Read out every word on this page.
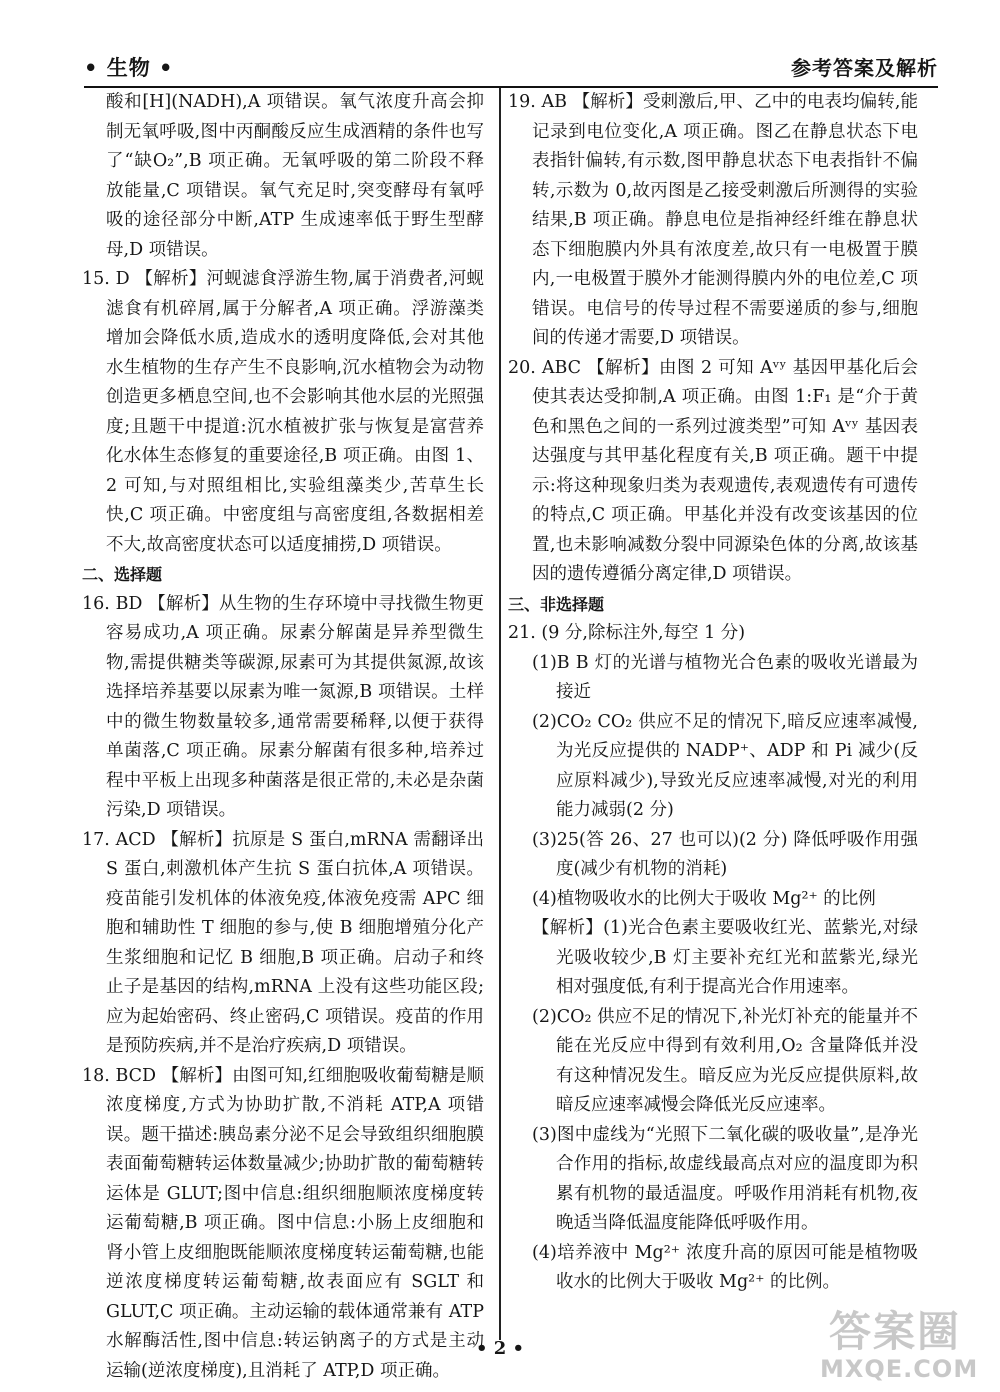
• 生物 •	参考答案及解析

酸和[H](NADH),A 项错误。氧气浓度升高会抑制无氧呼吸,图中丙酮酸反应生成酒精的条件也写了“缺O₂”,B 项正确。无氧呼吸的第二阶段不释放能量,C 项错误。氧气充足时,突变酵母有氧呼吸的途径部分中断,ATP 生成速率低于野生型酵母,D 项错误。

15. D 【解析】河蚬滤食浮游生物,属于消费者,河蚬滤食有机碎屑,属于分解者,A 项正确。浮游藻类增加会降低水质,造成水的透明度降低,会对其他水生植物的生存产生不良影响,沉水植物会为动物创造更多栖息空间,也不会影响其他水层的光照强度;且题干中提道:沉水植被扩张与恢复是富营养化水体生态修复的重要途径,B 项正确。由图 1、2 可知,与对照组相比,实验组藻类少,苦草生长快,C 项正确。中密度组与高密度组,各数据相差不大,故高密度状态可以适度捕捞,D 项错误。

二、选择题

16. BD 【解析】从生物的生存环境中寻找微生物更容易成功,A 项正确。尿素分解菌是异养型微生物,需提供糖类等碳源,尿素可为其提供氮源,故该选择培养基要以尿素为唯一氮源,B 项错误。土样中的微生物数量较多,通常需要稀释,以便于获得单菌落,C 项正确。尿素分解菌有很多种,培养过程中平板上出现多种菌落是很正常的,未必是杂菌污染,D 项错误。

17. ACD 【解析】抗原是 S 蛋白,mRNA 需翻译出 S 蛋白,刺激机体产生抗 S 蛋白抗体,A 项错误。疫苗能引发机体的体液免疫,体液免疫需 APC 细胞和辅助性 T 细胞的参与,使 B 细胞增殖分化产生浆细胞和记忆 B 细胞,B 项正确。启动子和终止子是基因的结构,mRNA 上没有这些功能区段;应为起始密码、终止密码,C 项错误。疫苗的作用是预防疾病,并不是治疗疾病,D 项错误。

18. BCD 【解析】由图可知,红细胞吸收葡萄糖是顺浓度梯度,方式为协助扩散,不消耗 ATP,A 项错误。题干描述:胰岛素分泌不足会导致组织细胞膜表面葡萄糖转运体数量减少;协助扩散的葡萄糖转运体是 GLUT;图中信息:组织细胞顺浓度梯度转运葡萄糖,B 项正确。图中信息:小肠上皮细胞和肾小管上皮细胞既能顺浓度梯度转运葡萄糖,也能逆浓度梯度转运葡萄糖,故表面应有 SGLT 和 GLUT,C 项正确。主动运输的载体通常兼有 ATP 水解酶活性,图中信息:转运钠离子的方式是主动运输(逆浓度梯度),且消耗了 ATP,D 项正确。

19. AB 【解析】受刺激后,甲、乙中的电表均偏转,能记录到电位变化,A 项正确。图乙在静息状态下电表指针偏转,有示数,图甲静息状态下电表指针不偏转,示数为 0,故丙图是乙接受刺激后所测得的实验结果,B 项正确。静息电位是指神经纤维在静息状态下细胞膜内外具有浓度差,故只有一电极置于膜内,一电极置于膜外才能测得膜内外的电位差,C 项错误。电信号的传导过程不需要递质的参与,细胞间的传递才需要,D 项错误。

20. ABC 【解析】由图 2 可知 Aᵛʸ 基因甲基化后会使其表达受抑制,A 项正确。由图 1:F₁ 是“介于黄色和黑色之间的一系列过渡类型”可知 Aᵛʸ 基因表达强度与其甲基化程度有关,B 项正确。题干中提示:将这种现象归类为表观遗传,表观遗传有可遗传的特点,C 项正确。甲基化并没有改变该基因的位置,也未影响减数分裂中同源染色体的分离,故该基因的遗传遵循分离定律,D 项错误。

三、非选择题

21. (9 分,除标注外,每空 1 分)

(1)B B 灯的光谱与植物光合色素的吸收光谱最为接近

(2)CO₂ CO₂ 供应不足的情况下,暗反应速率减慢,为光反应提供的 NADP⁺、ADP 和 Pi 减少(反应原料减少),导致光反应速率减慢,对光的利用能力减弱(2 分)

(3)25(答 26、27 也可以)(2 分) 降低呼吸作用强度(减少有机物的消耗)

(4)植物吸收水的比例大于吸收 Mg²⁺ 的比例

【解析】(1)光合色素主要吸收红光、蓝紫光,对绿光吸收较少,B 灯主要补充红光和蓝紫光,绿光相对强度低,有利于提高光合作用速率。

(2)CO₂ 供应不足的情况下,补光灯补充的能量并不能在光反应中得到有效利用,O₂ 含量降低并没有这种情况发生。暗反应为光反应提供原料,故暗反应速率减慢会降低光反应速率。

(3)图中虚线为“光照下二氧化碳的吸收量”,是净光合作用的指标,故虚线最高点对应的温度即为积累有机物的最适温度。呼吸作用消耗有机物,夜晚适当降低温度能降低呼吸作用。

(4)培养液中 Mg²⁺ 浓度升高的原因可能是植物吸收水的比例大于吸收 Mg²⁺ 的比例。

• 2 •	答案圈
MXQE.COM
